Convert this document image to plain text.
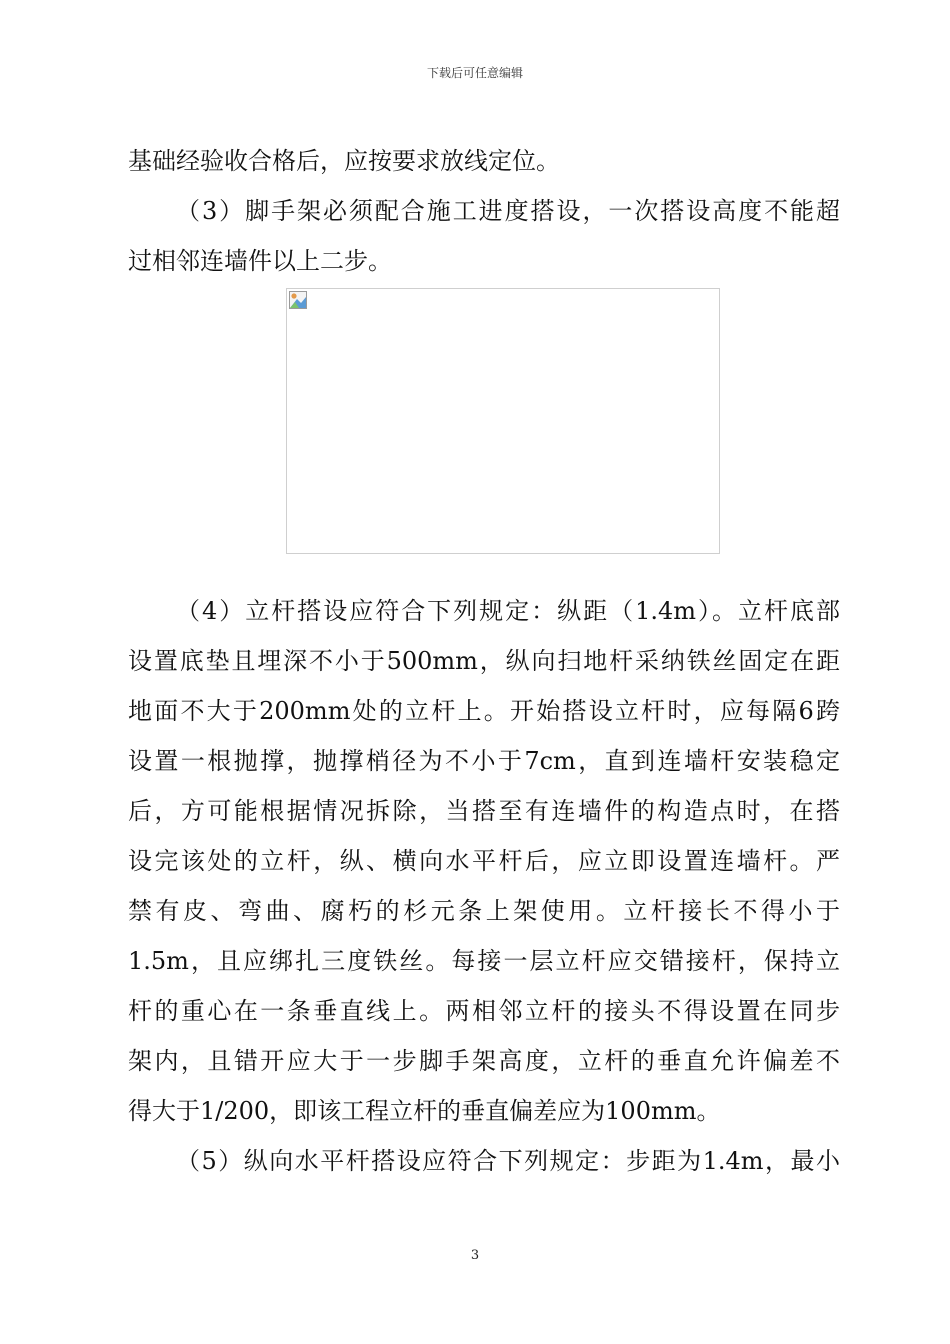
下载后可任意编辑
基础经验收合格后，应按要求放线定位。
（3）脚手架必须配合施工进度搭设，一次搭设高度不能超
过相邻连墙件以上二步。
（4）立杆搭设应符合下列规定：纵距（1.4m）。立杆底部
设置底垫且埋深不小于500mm，纵向扫地杆采纳铁丝固定在距
地面不大于200mm处的立杆上。开始搭设立杆时，应每隔6跨
设置一根抛撑，抛撑梢径为不小于7cm，直到连墙杆安装稳定
后，方可能根据情况拆除，当搭至有连墙件的构造点时，在搭
设完该处的立杆，纵、横向水平杆后，应立即设置连墙杆。严
禁有皮、弯曲、腐朽的杉元条上架使用。立杆接长不得小于
1.5m，且应绑扎三度铁丝。每接一层立杆应交错接杆，保持立
杆的重心在一条垂直线上。两相邻立杆的接头不得设置在同步
架内，且错开应大于一步脚手架高度，立杆的垂直允许偏差不
得大于1/200，即该工程立杆的垂直偏差应为100mm。
（5）纵向水平杆搭设应符合下列规定：步距为1.4m，最小
3
